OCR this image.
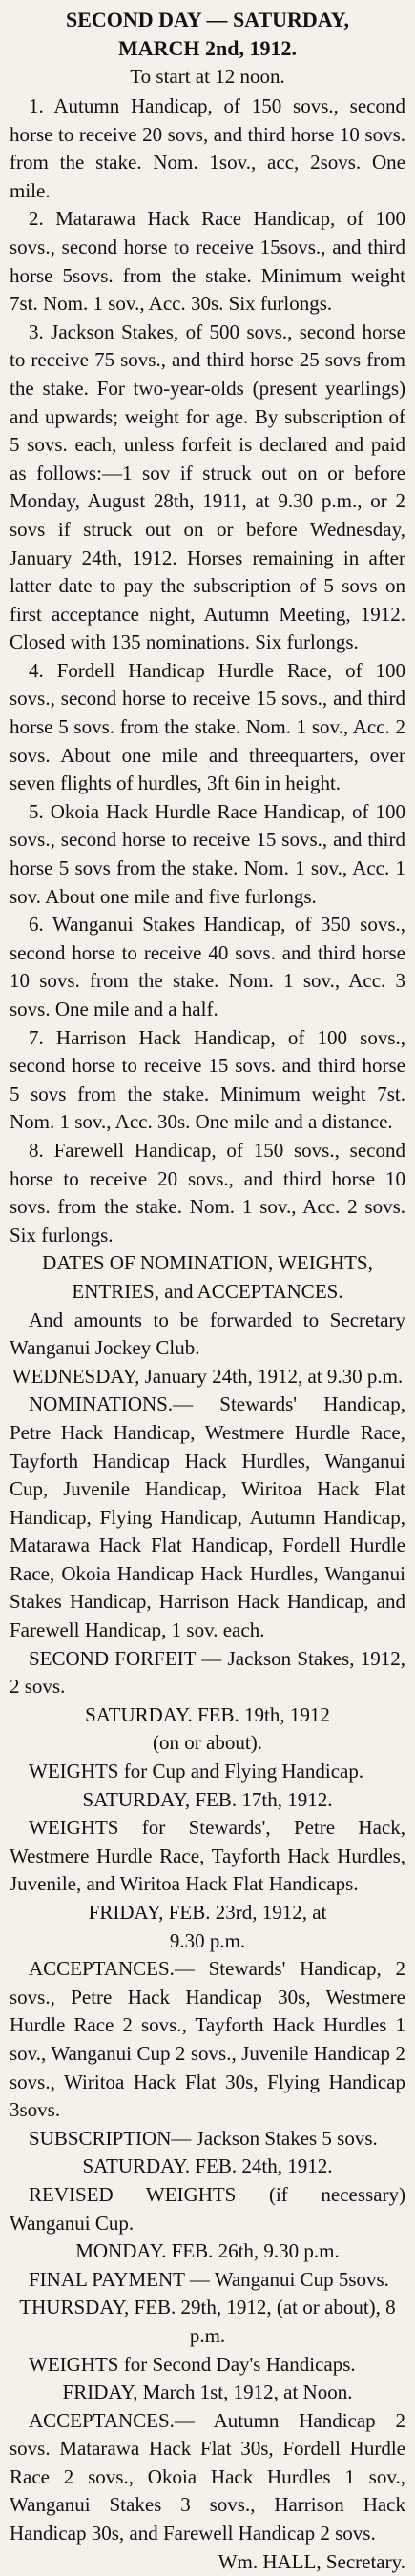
SECOND DAY — SATURDAY,

MARCH 2nd, 1912.

To start at 12 noon.

1. Autumn Handicap, of 150 sovs., second horse to receive 20 sovs, and third horse 10 sovs. from the stake. Nom. 1sov., acc, 2sovs. One mile.

2. Matarawa Hack Race Handicap, of 100 sovs., second horse to receive 15sovs., and third horse 5sovs. from the stake. Minimum weight 7st. Nom. 1 sov., Acc. 30s. Six furlongs.

3. Jackson Stakes, of 500 sovs., second horse to receive 75 sovs., and third horse 25 sovs from the stake. For two-year-olds (present yearlings) and upwards; weight for age. By subscription of 5 sovs. each, unless forfeit is declared and paid as follows:—1 sov if struck out on or before Monday, August 28th, 1911, at 9.30 p.m., or 2 sovs if struck out on or before Wednesday, January 24th, 1912. Horses remaining in after latter date to pay the subscription of 5 sovs on first acceptance night, Autumn Meeting, 1912. Closed with 135 nominations. Six furlongs.

4. Fordell Handicap Hurdle Race, of 100 sovs., second horse to receive 15 sovs., and third horse 5 sovs. from the stake. Nom. 1 sov., Acc. 2 sovs. About one mile and threequarters, over seven flights of hurdles, 3ft 6in in height.

5. Okoia Hack Hurdle Race Handicap, of 100 sovs., second horse to receive 15 sovs., and third horse 5 sovs from the stake. Nom. 1 sov., Acc. 1 sov. About one mile and five furlongs.

6. Wanganui Stakes Handicap, of 350 sovs., second horse to receive 40 sovs. and third horse 10 sovs. from the stake. Nom. 1 sov., Acc. 3 sovs. One mile and a half.

7. Harrison Hack Handicap, of 100 sovs., second horse to receive 15 sovs. and third horse 5 sovs from the stake. Minimum weight 7st. Nom. 1 sov., Acc. 30s. One mile and a distance.

8. Farewell Handicap, of 150 sovs., second horse to receive 20 sovs., and third horse 10 sovs. from the stake. Nom. 1 sov., Acc. 2 sovs. Six furlongs.

DATES OF NOMINATION, WEIGHTS, ENTRIES, and ACCEPTANCES.

And amounts to be forwarded to Secretary Wanganui Jockey Club.

WEDNESDAY, January 24th, 1912, at 9.30 p.m.

NOMINATIONS.— Stewards' Handicap, Petre Hack Handicap, Westmere Hurdle Race, Tayforth Handicap Hack Hurdles, Wanganui Cup, Juvenile Handicap, Wiritoa Hack Flat Handicap, Flying Handicap, Autumn Handicap, Matarawa Hack Flat Handicap, Fordell Hurdle Race, Okoia Handicap Hack Hurdles, Wanganui Stakes Handicap, Harrison Hack Handicap, and Farewell Handicap, 1 sov. each.

SECOND FORFEIT — Jackson Stakes, 1912, 2 sovs.

SATURDAY. FEB. 19th, 1912

(on or about).

WEIGHTS for Cup and Flying Handicap.

SATURDAY, FEB. 17th, 1912.

WEIGHTS for Stewards', Petre Hack, Westmere Hurdle Race, Tayforth Hack Hurdles, Juvenile, and Wiritoa Hack Flat Handicaps.

FRIDAY, FEB. 23rd, 1912, at

9.30 p.m.

ACCEPTANCES.— Stewards' Handicap, 2 sovs., Petre Hack Handicap 30s, Westmere Hurdle Race 2 sovs., Tayforth Hack Hurdles 1 sov., Wanganui Cup 2 sovs., Juvenile Handicap 2 sovs., Wiritoa Hack Flat 30s, Flying Handicap 3sovs.

SUBSCRIPTION— Jackson Stakes 5 sovs.

SATURDAY. FEB. 24th, 1912.

REVISED WEIGHTS (if necessary) Wanganui Cup.

MONDAY. FEB. 26th, 9.30 p.m.

FINAL PAYMENT — Wanganui Cup 5sovs.

THURSDAY, FEB. 29th, 1912, (at or about), 8 p.m.

WEIGHTS for Second Day's Handicaps.

FRIDAY, March 1st, 1912, at Noon.

ACCEPTANCES.— Autumn Handicap 2 sovs. Matarawa Hack Flat 30s, Fordell Hurdle Race 2 sovs., Okoia Hack Hurdles 1 sov., Wanganui Stakes 3 sovs., Harrison Hack Handicap 30s, and Farewell Handicap 2 sovs.

Wm. HALL, Secretary.
